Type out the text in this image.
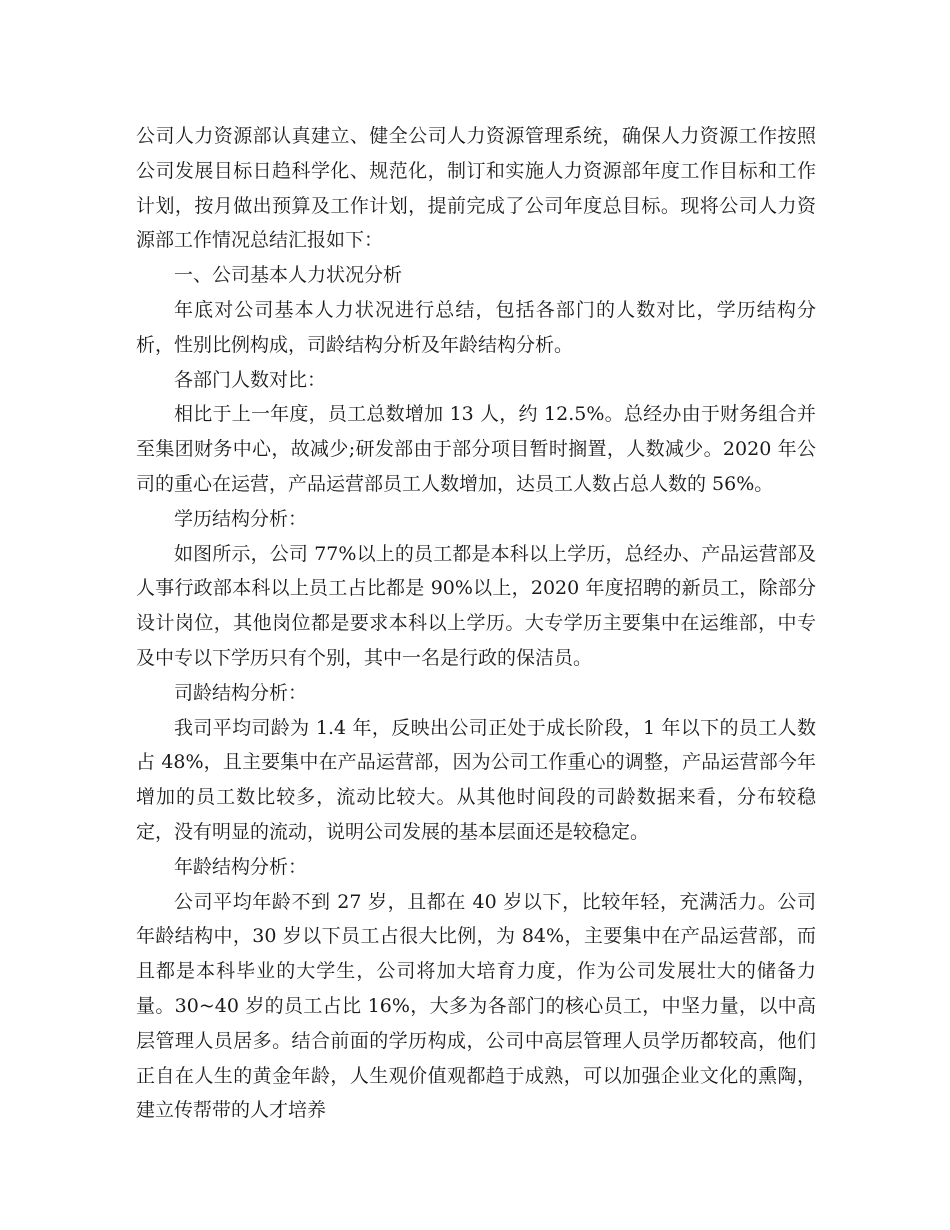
公司人力资源部认真建立、健全公司人力资源管理系统，确保人力资源工作按照公司发展目标日趋科学化、规范化，制订和实施人力资源部年度工作目标和工作计划，按月做出预算及工作计划，提前完成了公司年度总目标。现将公司人力资源部工作情况总结汇报如下：

一、公司基本人力状况分析

年底对公司基本人力状况进行总结，包括各部门的人数对比，学历结构分析，性别比例构成，司龄结构分析及年龄结构分析。

各部门人数对比：

相比于上一年度，员工总数增加 13 人，约 12.5%。总经办由于财务组合并至集团财务中心，故减少;研发部由于部分项目暂时搁置，人数减少。2020 年公司的重心在运营，产品运营部员工人数增加，达员工人数占总人数的 56%。

学历结构分析：

如图所示，公司 77%以上的员工都是本科以上学历，总经办、产品运营部及人事行政部本科以上员工占比都是 90%以上，2020 年度招聘的新员工，除部分设计岗位，其他岗位都是要求本科以上学历。大专学历主要集中在运维部，中专及中专以下学历只有个别，其中一名是行政的保洁员。

司龄结构分析：

我司平均司龄为 1.4 年，反映出公司正处于成长阶段，1 年以下的员工人数占 48%，且主要集中在产品运营部，因为公司工作重心的调整，产品运营部今年增加的员工数比较多，流动比较大。从其他时间段的司龄数据来看，分布较稳定，没有明显的流动，说明公司发展的基本层面还是较稳定。

年龄结构分析：

公司平均年龄不到 27 岁，且都在 40 岁以下，比较年轻，充满活力。公司年龄结构中，30 岁以下员工占很大比例，为 84%，主要集中在产品运营部，而且都是本科毕业的大学生，公司将加大培育力度，作为公司发展壮大的储备力量。30~40 岁的员工占比 16%，大多为各部门的核心员工，中坚力量，以中高层管理人员居多。结合前面的学历构成，公司中高层管理人员学历都较高，他们正自在人生的黄金年龄，人生观价值观都趋于成熟，可以加强企业文化的熏陶，建立传帮带的人才培养
